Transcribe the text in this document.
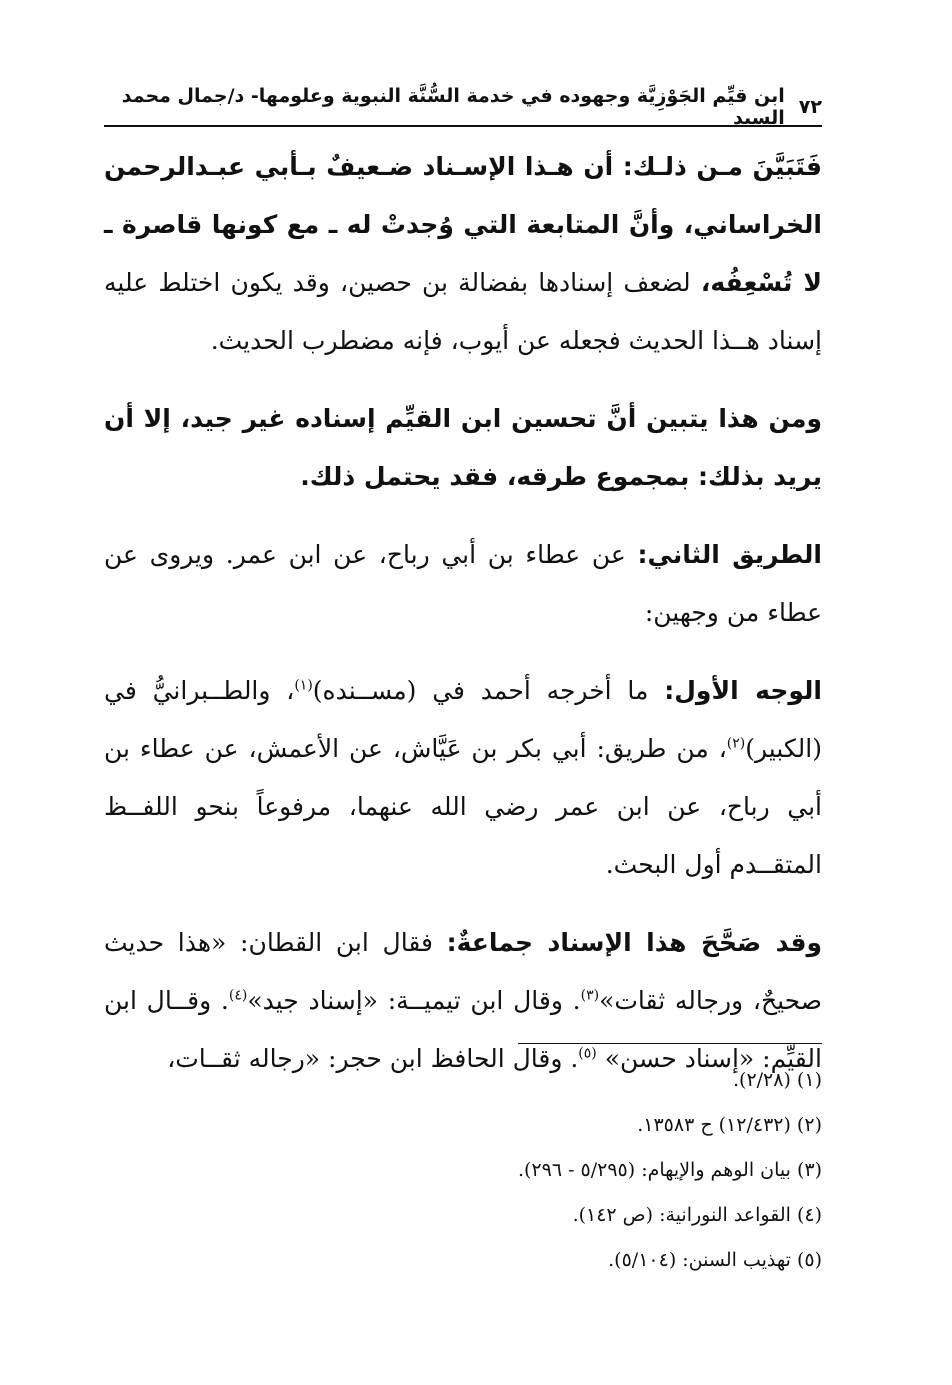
٧٢
ابن قيِّم الجَوْزِيَّة وجهوده في خدمة السُّنَّة النبوية وعلومها- د/جمال محمد السيد

فَتَبَيَّنَ مـن ذلـك: أن هـذا الإسـناد ضـعيفٌ بـأبي عبـدالرحمن الخراساني، وأنَّ المتابعة التي وُجدتْ له ـ مع كونها قاصرة ـ لا تُسْعِفُه، لضعف إسنادها بفضالة بن حصين، وقد يكون اختلط عليه إسناد هــذا الحديث فجعله عن أيوب، فإنه مضطرب الحديث.

ومن هذا يتبين أنَّ تحسين ابن القيِّم إسناده غير جيد، إلا أن يريد بذلك: بمجموع طرقه، فقد يحتمل ذلك.

الطريق الثاني: عن عطاء بن أبي رباح، عن ابن عمر. ويروى عن عطاء من وجهين:

الوجه الأول: ما أخرجه أحمد في (مســنده)$^{(١)}$، والطــبرانيُّ في (الكبير)$^{(٢)}$، من طريق: أبي بكر بن عَيَّاش، عن الأعمش، عن عطاء بن أبي رباح، عن ابن عمر رضي الله عنهما، مرفوعاً بنحو اللفــظ المتقــدم أول البحث.

وقد صَحَّحَ هذا الإسناد جماعةٌ: فقال ابن القطان: «هذا حديث صحيحٌ، ورجاله ثقات»$^{(٣)}$. وقال ابن تيميــة: «إسناد جيد»$^{(٤)}$. وقــال ابن القيِّم: «إسناد حسن» $^{(٥)}$. وقال الحافظ ابن حجر: «رجاله ثقــات،

(١) (٢/٢٨).
(٢) (١٢/٤٣٢) ح ١٣٥٨٣.
(٣) بيان الوهم والإيهام: (٥/٢٩٥ - ٢٩٦).
(٤) القواعد النورانية: (ص ١٤٢).
(٥) تهذيب السنن: (٥/١٠٤).
